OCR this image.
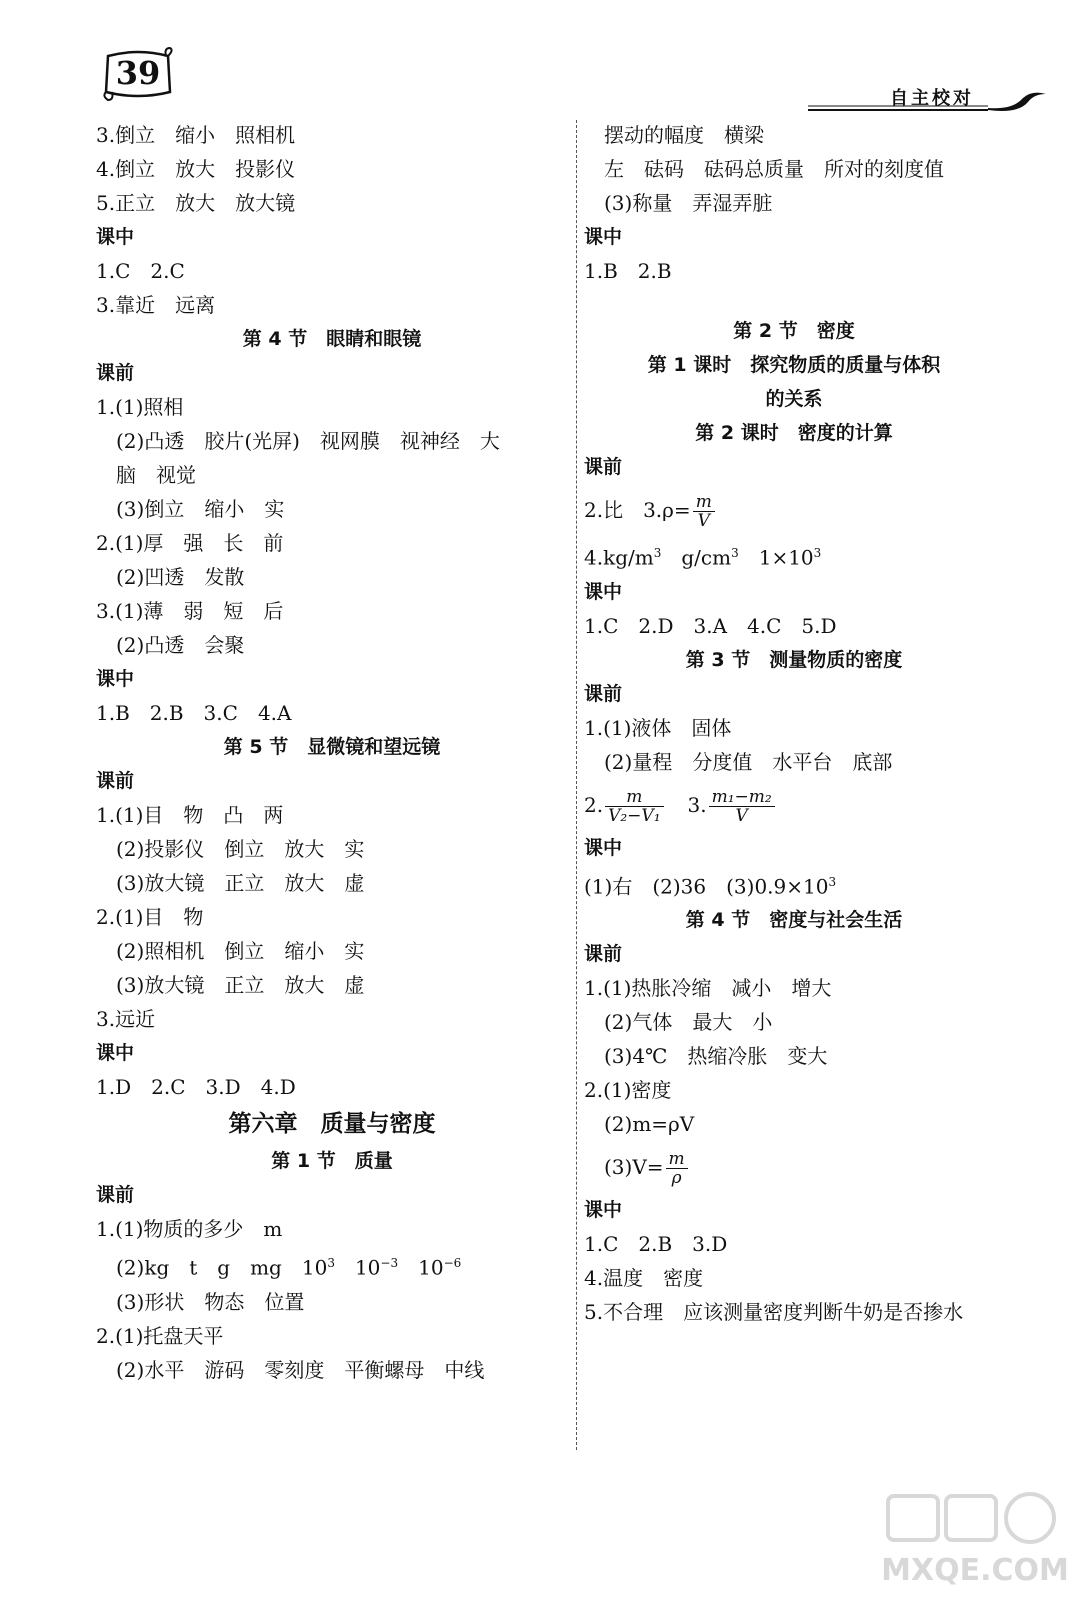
39
自主校对
3.倒立　缩小　照相机
4.倒立　放大　投影仪
5.正立　放大　放大镜
课中
1.C　2.C
3.靠近　远离
第 4 节　眼睛和眼镜
课前
1.(1)照相
(2)凸透　胶片(光屏)　视网膜　视神经　大
脑　视觉
(3)倒立　缩小　实
2.(1)厚　强　长　前
(2)凹透　发散
3.(1)薄　弱　短　后
(2)凸透　会聚
课中
1.B　2.B　3.C　4.A
第 5 节　显微镜和望远镜
课前
1.(1)目　物　凸　两
(2)投影仪　倒立　放大　实
(3)放大镜　正立　放大　虚
2.(1)目　物
(2)照相机　倒立　缩小　实
(3)放大镜　正立　放大　虚
3.远近
课中
1.D　2.C　3.D　4.D
第六章　质量与密度
第 1 节　质量
课前
1.(1)物质的多少　m
(2)kg　t　g　mg　$10^3$　$10^{-3}$　$10^{-6}$
(3)形状　物态　位置
2.(1)托盘天平
(2)水平　游码　零刻度　平衡螺母　中线
摆动的幅度　横梁
左　砝码　砝码总质量　所对的刻度值
(3)称量　弄湿弄脏
课中
1.B　2.B
第 2 节　密度
第 1 课时　探究物质的质量与体积
的关系
第 2 课时　密度的计算
课前
2.比　$3.\rho= \frac{m}{V}$
$4.kg/m^3$　$g/cm^3$　$1\times 10^3$
课中
1.C　2.D　3.A　4.C　5.D
第 3 节　测量物质的密度
课前
1.(1)液体　固体
(2)量程　分度值　水平台　底部
2. $\frac{m}{\text{V₂−V₁}} 3$. $\frac{\text{m₁−m₂}}{V}$
课中
(1)右　(2)36　$(3)0.9\times 10^3$
第 4 节　密度与社会生活
课前
1.(1)热胀冷缩　减小　增大
(2)气体　最大　小
(3)4℃　热缩冷胀　变大
2.(1)密度
(2)m=ρV
$(3)V= \frac{m}{\rho}$
课中
1.C　2.B　3.D
4.温度　密度
5.不合理　应该测量密度判断牛奶是否掺水
MXQE.COM
